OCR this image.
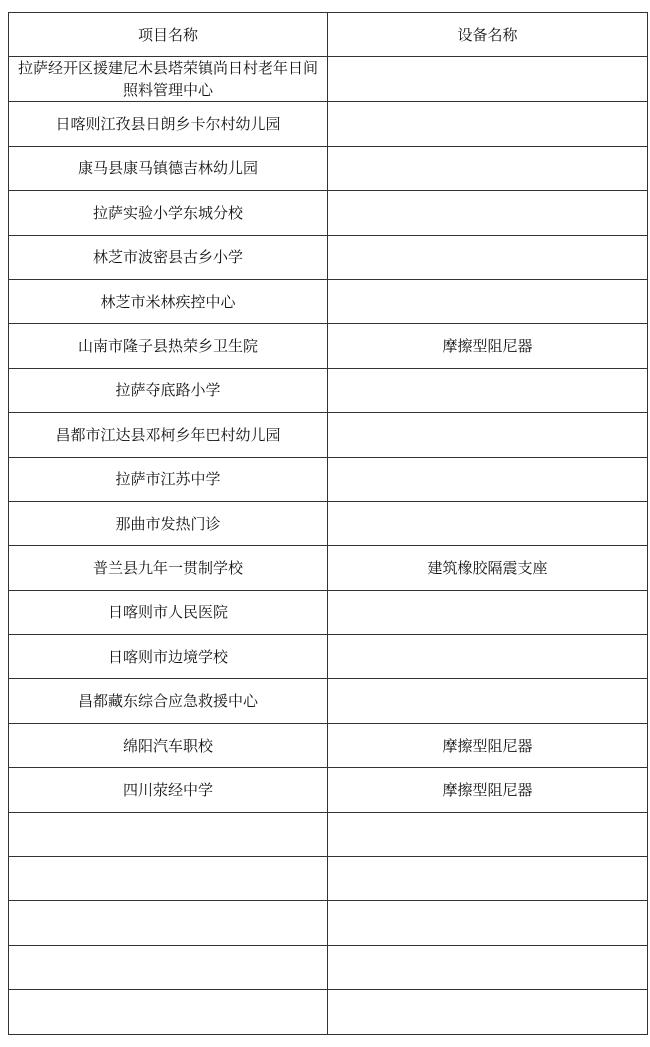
项目名称	设备名称
拉萨经开区援建尼木县塔荣镇尚日村老年日间照料管理中心	
日喀则江孜县日朗乡卡尔村幼儿园	
康马县康马镇德吉林幼儿园	
拉萨实验小学东城分校	
林芝市波密县古乡小学	
林芝市米林疾控中心	
山南市隆子县热荣乡卫生院	摩擦型阻尼器
拉萨夺底路小学	
昌都市江达县邓柯乡年巴村幼儿园	
拉萨市江苏中学	
那曲市发热门诊	
普兰县九年一贯制学校	建筑橡胶隔震支座
日喀则市人民医院	
日喀则市边境学校	
昌都藏东综合应急救援中心	
绵阳汽车职校	摩擦型阻尼器
四川荥经中学	摩擦型阻尼器
